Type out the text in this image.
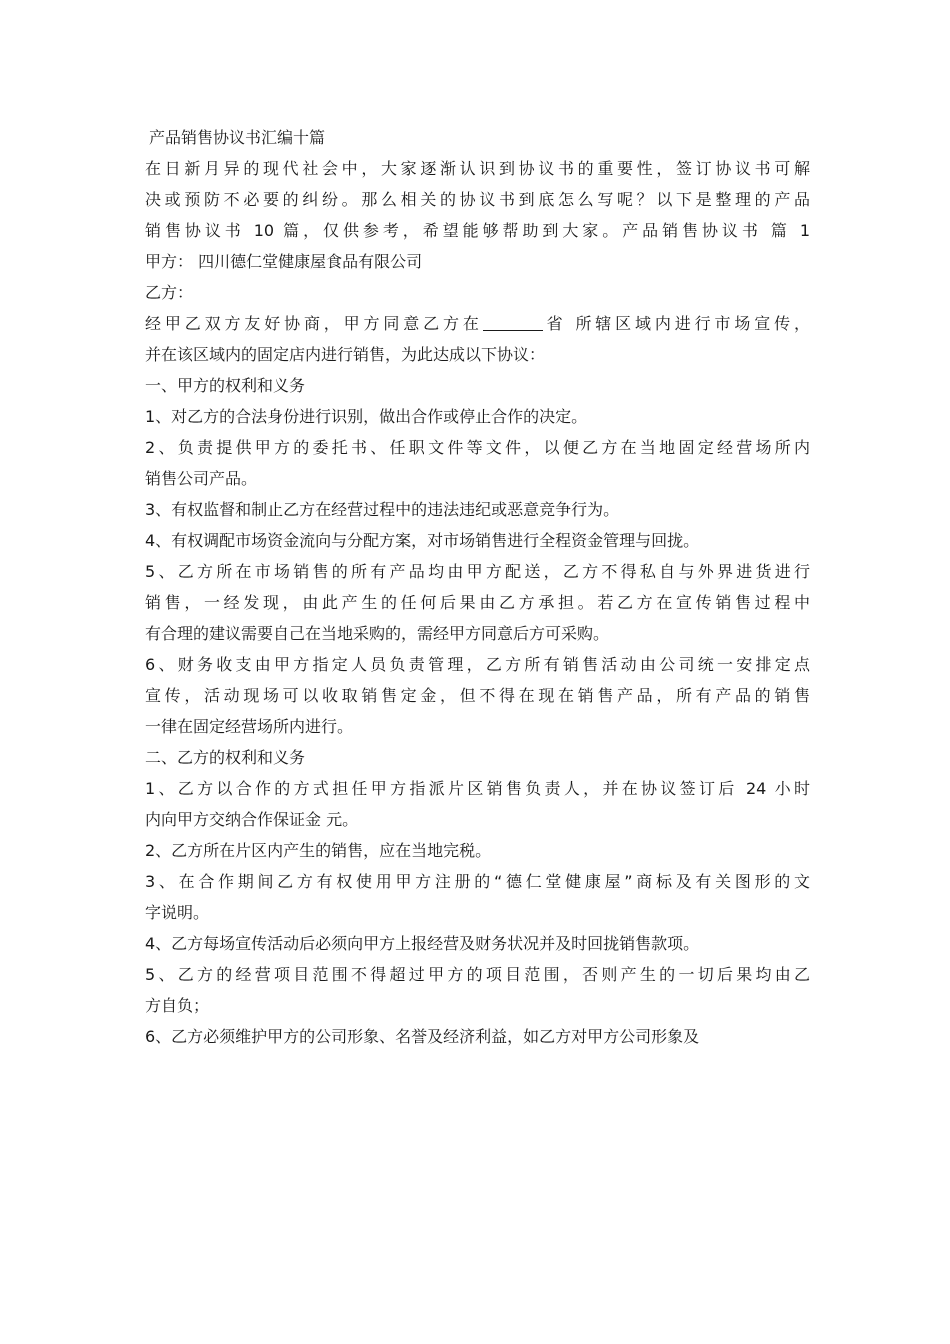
产品销售协议书汇编十篇
在日新月异的现代社会中，大家逐渐认识到协议书的重要性，签订协议书可解
决或预防不必要的纠纷。那么相关的协议书到底怎么写呢？以下是整理的产品
销售协议书 10 篇，仅供参考，希望能够帮助到大家。产品销售协议书 篇 1
甲方： 四川德仁堂健康屋食品有限公司
乙方：
经甲乙双方友好协商，甲方同意乙方在	省 所辖区域内进行市场宣传，
并在该区域内的固定店内进行销售，为此达成以下协议：
一、甲方的权利和义务
1、对乙方的合法身份进行识别，做出合作或停止合作的决定。
2、负责提供甲方的委托书、任职文件等文件，以便乙方在当地固定经营场所内
销售公司产品。
3、有权监督和制止乙方在经营过程中的违法违纪或恶意竞争行为。
4、有权调配市场资金流向与分配方案，对市场销售进行全程资金管理与回拢。
5、乙方所在市场销售的所有产品均由甲方配送，乙方不得私自与外界进货进行
销售，一经发现，由此产生的任何后果由乙方承担。若乙方在宣传销售过程中
有合理的建议需要自己在当地采购的，需经甲方同意后方可采购。
6、财务收支由甲方指定人员负责管理，乙方所有销售活动由公司统一安排定点
宣传，活动现场可以收取销售定金，但不得在现在销售产品，所有产品的销售
一律在固定经营场所内进行。
二、乙方的权利和义务
1、乙方以合作的方式担任甲方指派片区销售负责人，并在协议签订后 24 小时
内向甲方交纳合作保证金 元。
2、乙方所在片区内产生的销售，应在当地完税。
3、在合作期间乙方有权使用甲方注册的“德仁堂健康屋”商标及有关图形的文
字说明。
4、乙方每场宣传活动后必须向甲方上报经营及财务状况并及时回拢销售款项。
5、乙方的经营项目范围不得超过甲方的项目范围，否则产生的一切后果均由乙
方自负；
6、乙方必须维护甲方的公司形象、名誉及经济利益，如乙方对甲方公司形象及
